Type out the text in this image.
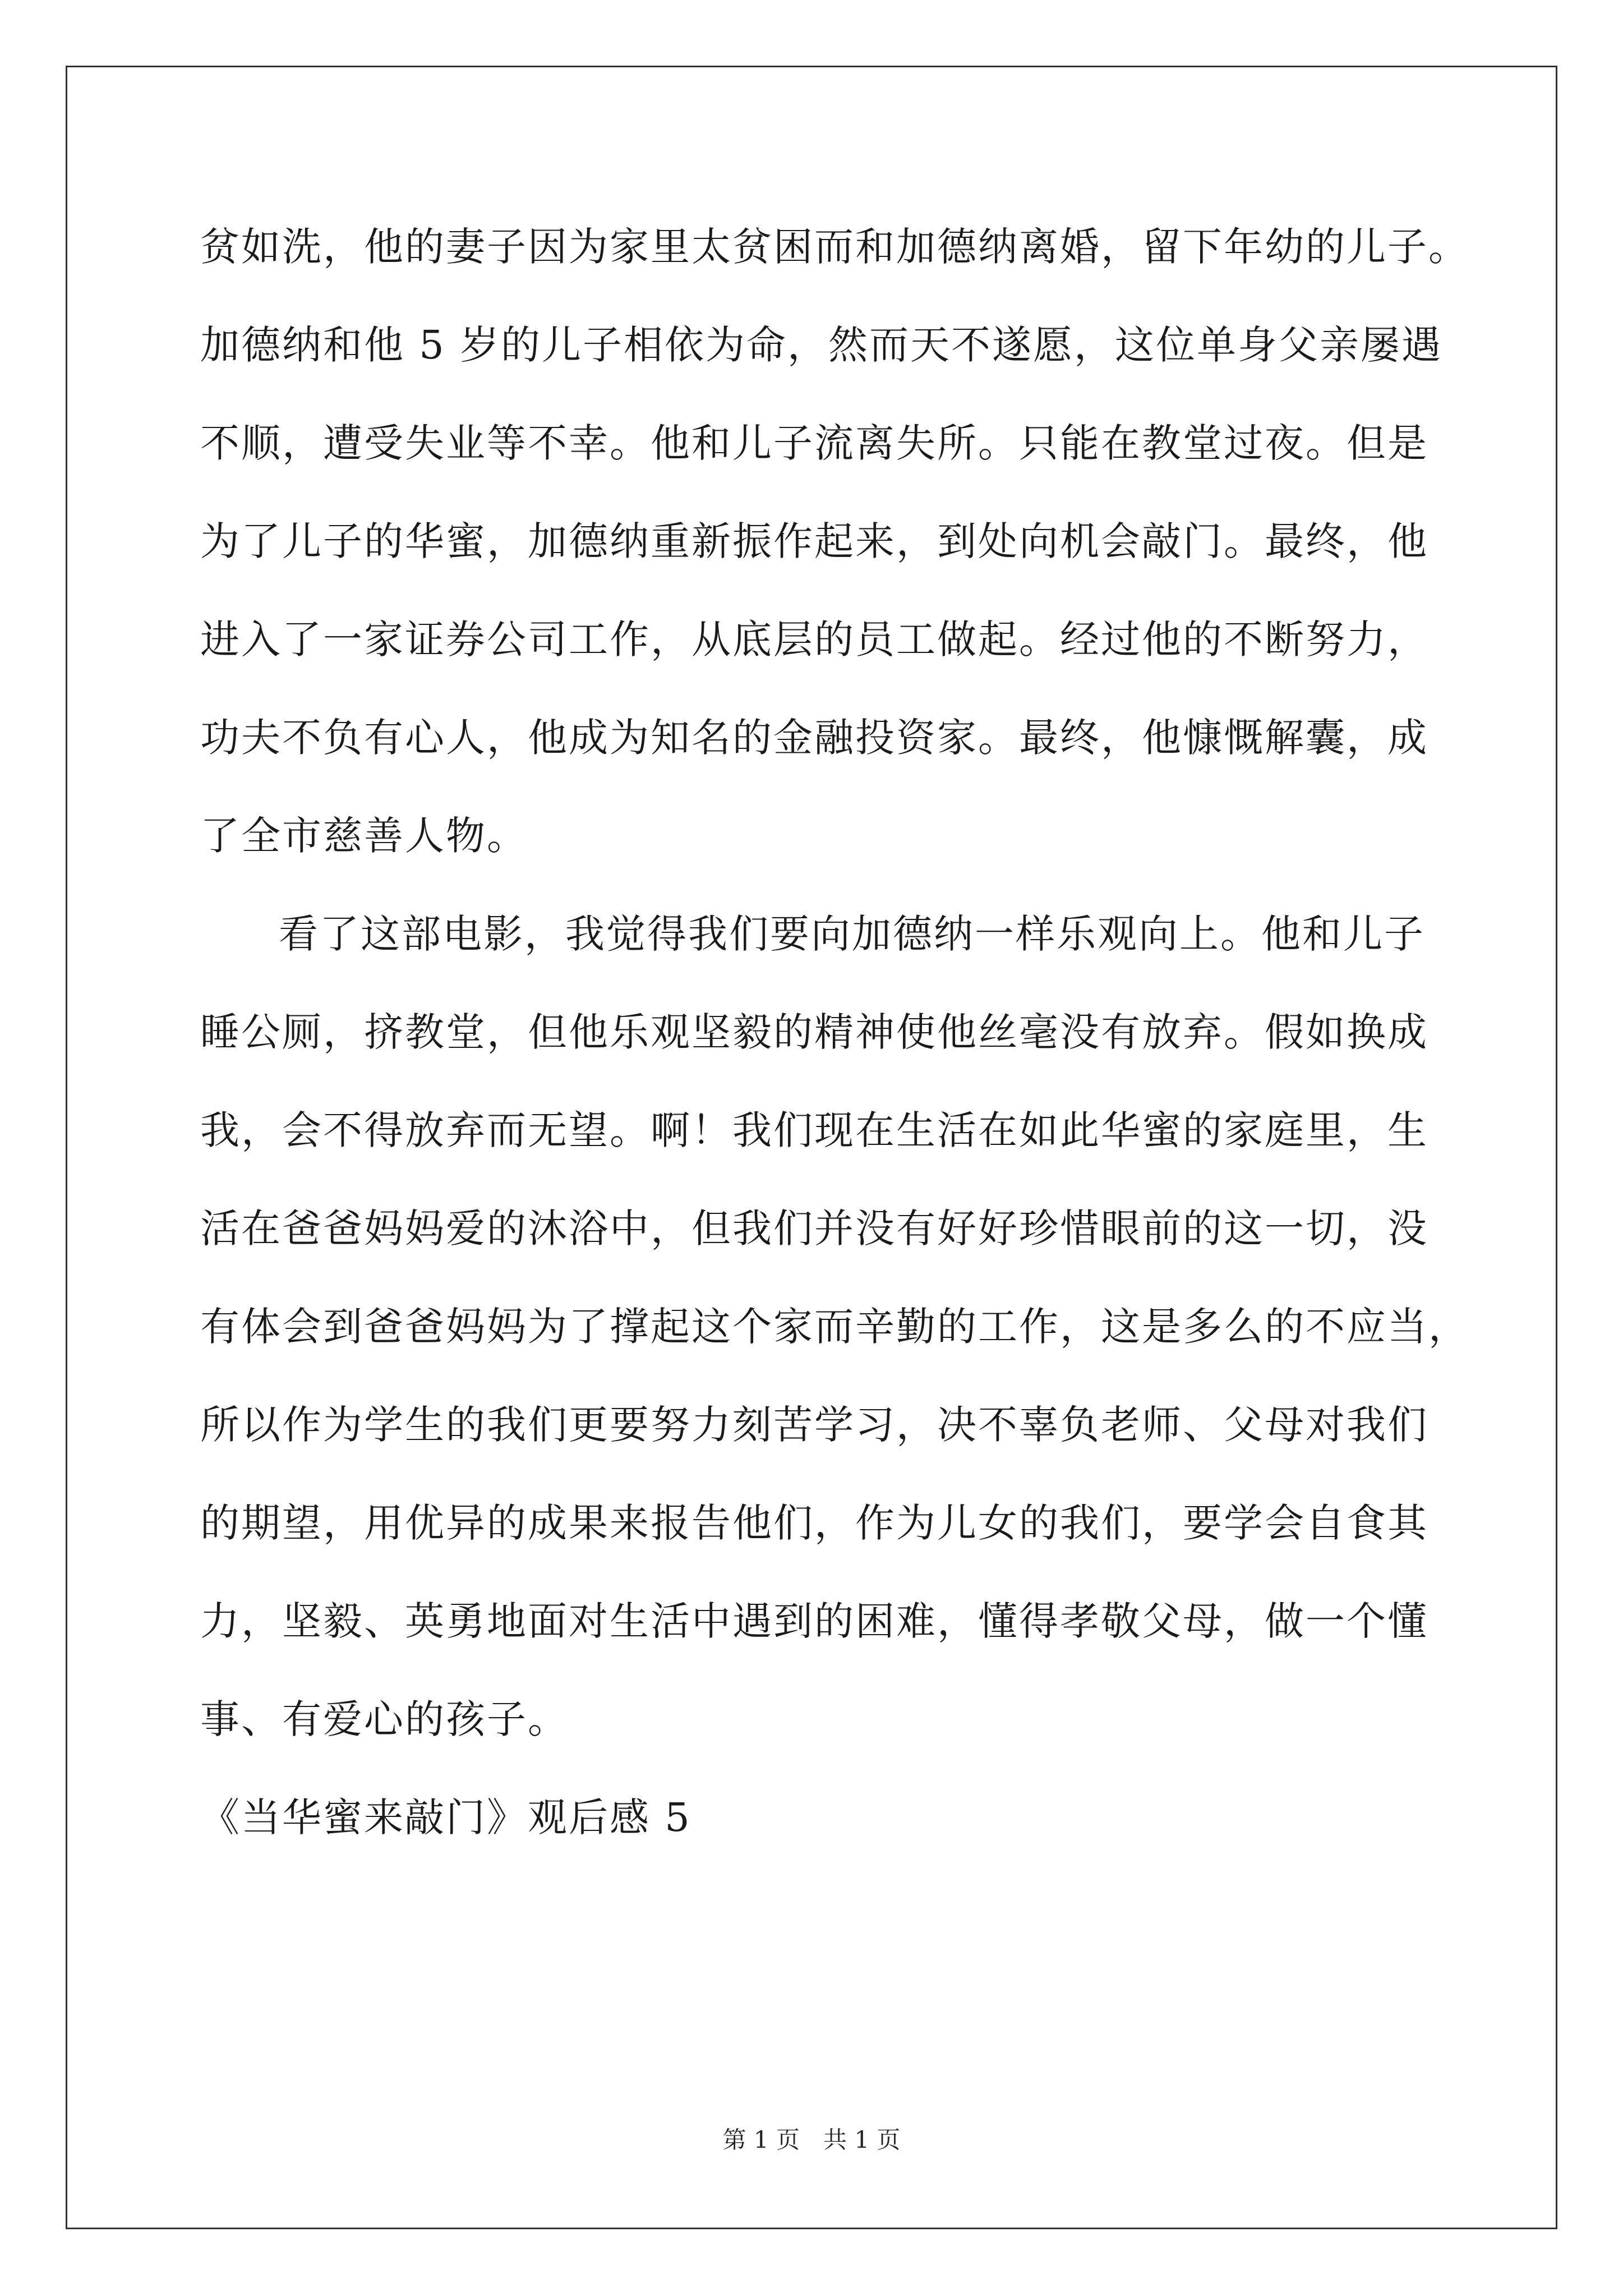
贫如洗，他的妻子因为家里太贫困而和加德纳离婚，留下年幼的儿子。
加德纳和他 5 岁的儿子相依为命，然而天不遂愿，这位单身父亲屡遇
不顺，遭受失业等不幸。他和儿子流离失所。只能在教堂过夜。但是
为了儿子的华蜜，加德纳重新振作起来，到处向机会敲门。最终，他
进入了一家证券公司工作，从底层的员工做起。经过他的不断努力，
功夫不负有心人，他成为知名的金融投资家。最终，他慷慨解囊，成
了全市慈善人物。
看了这部电影，我觉得我们要向加德纳一样乐观向上。他和儿子
睡公厕，挤教堂，但他乐观坚毅的精神使他丝毫没有放弃。假如换成
我，会不得放弃而无望。啊！我们现在生活在如此华蜜的家庭里，生
活在爸爸妈妈爱的沐浴中，但我们并没有好好珍惜眼前的这一切，没
有体会到爸爸妈妈为了撑起这个家而辛勤的工作，这是多么的不应当，
所以作为学生的我们更要努力刻苦学习，决不辜负老师、父母对我们
的期望，用优异的成果来报告他们，作为儿女的我们，要学会自食其
力，坚毅、英勇地面对生活中遇到的困难，懂得孝敬父母，做一个懂
事、有爱心的孩子。
《当华蜜来敲门》观后感 5
第 1 页　共 1 页
